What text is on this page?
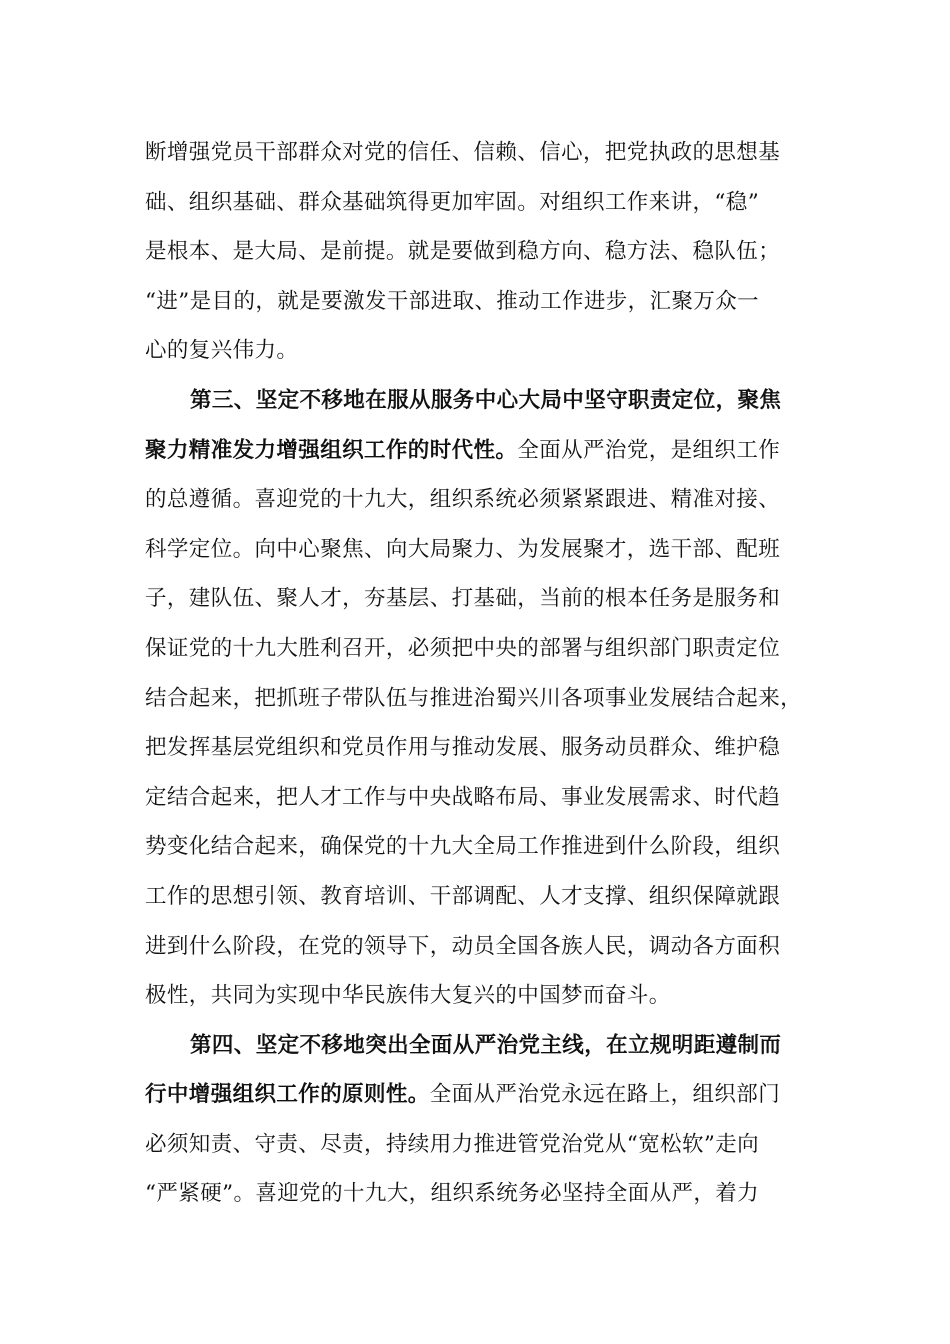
断增强党员干部群众对党的信任、信赖、信心，把党执政的思想基
础、组织基础、群众基础筑得更加牢固。对组织工作来讲，“稳”
是根本、是大局、是前提。就是要做到稳方向、稳方法、稳队伍；
“进”是目的，就是要激发干部进取、推动工作进步，汇聚万众一
心的复兴伟力。
第三、坚定不移地在服从服务中心大局中坚守职责定位，聚焦
聚力精准发力增强组织工作的时代性。全面从严治党，是组织工作
的总遵循。喜迎党的十九大，组织系统必须紧紧跟进、精准对接、
科学定位。向中心聚焦、向大局聚力、为发展聚才，选干部、配班
子，建队伍、聚人才，夯基层、打基础，当前的根本任务是服务和
保证党的十九大胜利召开，必须把中央的部署与组织部门职责定位
结合起来，把抓班子带队伍与推进治蜀兴川各项事业发展结合起来，
把发挥基层党组织和党员作用与推动发展、服务动员群众、维护稳
定结合起来，把人才工作与中央战略布局、事业发展需求、时代趋
势变化结合起来，确保党的十九大全局工作推进到什么阶段，组织
工作的思想引领、教育培训、干部调配、人才支撑、组织保障就跟
进到什么阶段，在党的领导下，动员全国各族人民，调动各方面积
极性，共同为实现中华民族伟大复兴的中国梦而奋斗。
第四、坚定不移地突出全面从严治党主线，在立规明距遵制而
行中增强组织工作的原则性。全面从严治党永远在路上，组织部门
必须知责、守责、尽责，持续用力推进管党治党从“宽松软”走向
“严紧硬”。喜迎党的十九大，组织系统务必坚持全面从严，着力
